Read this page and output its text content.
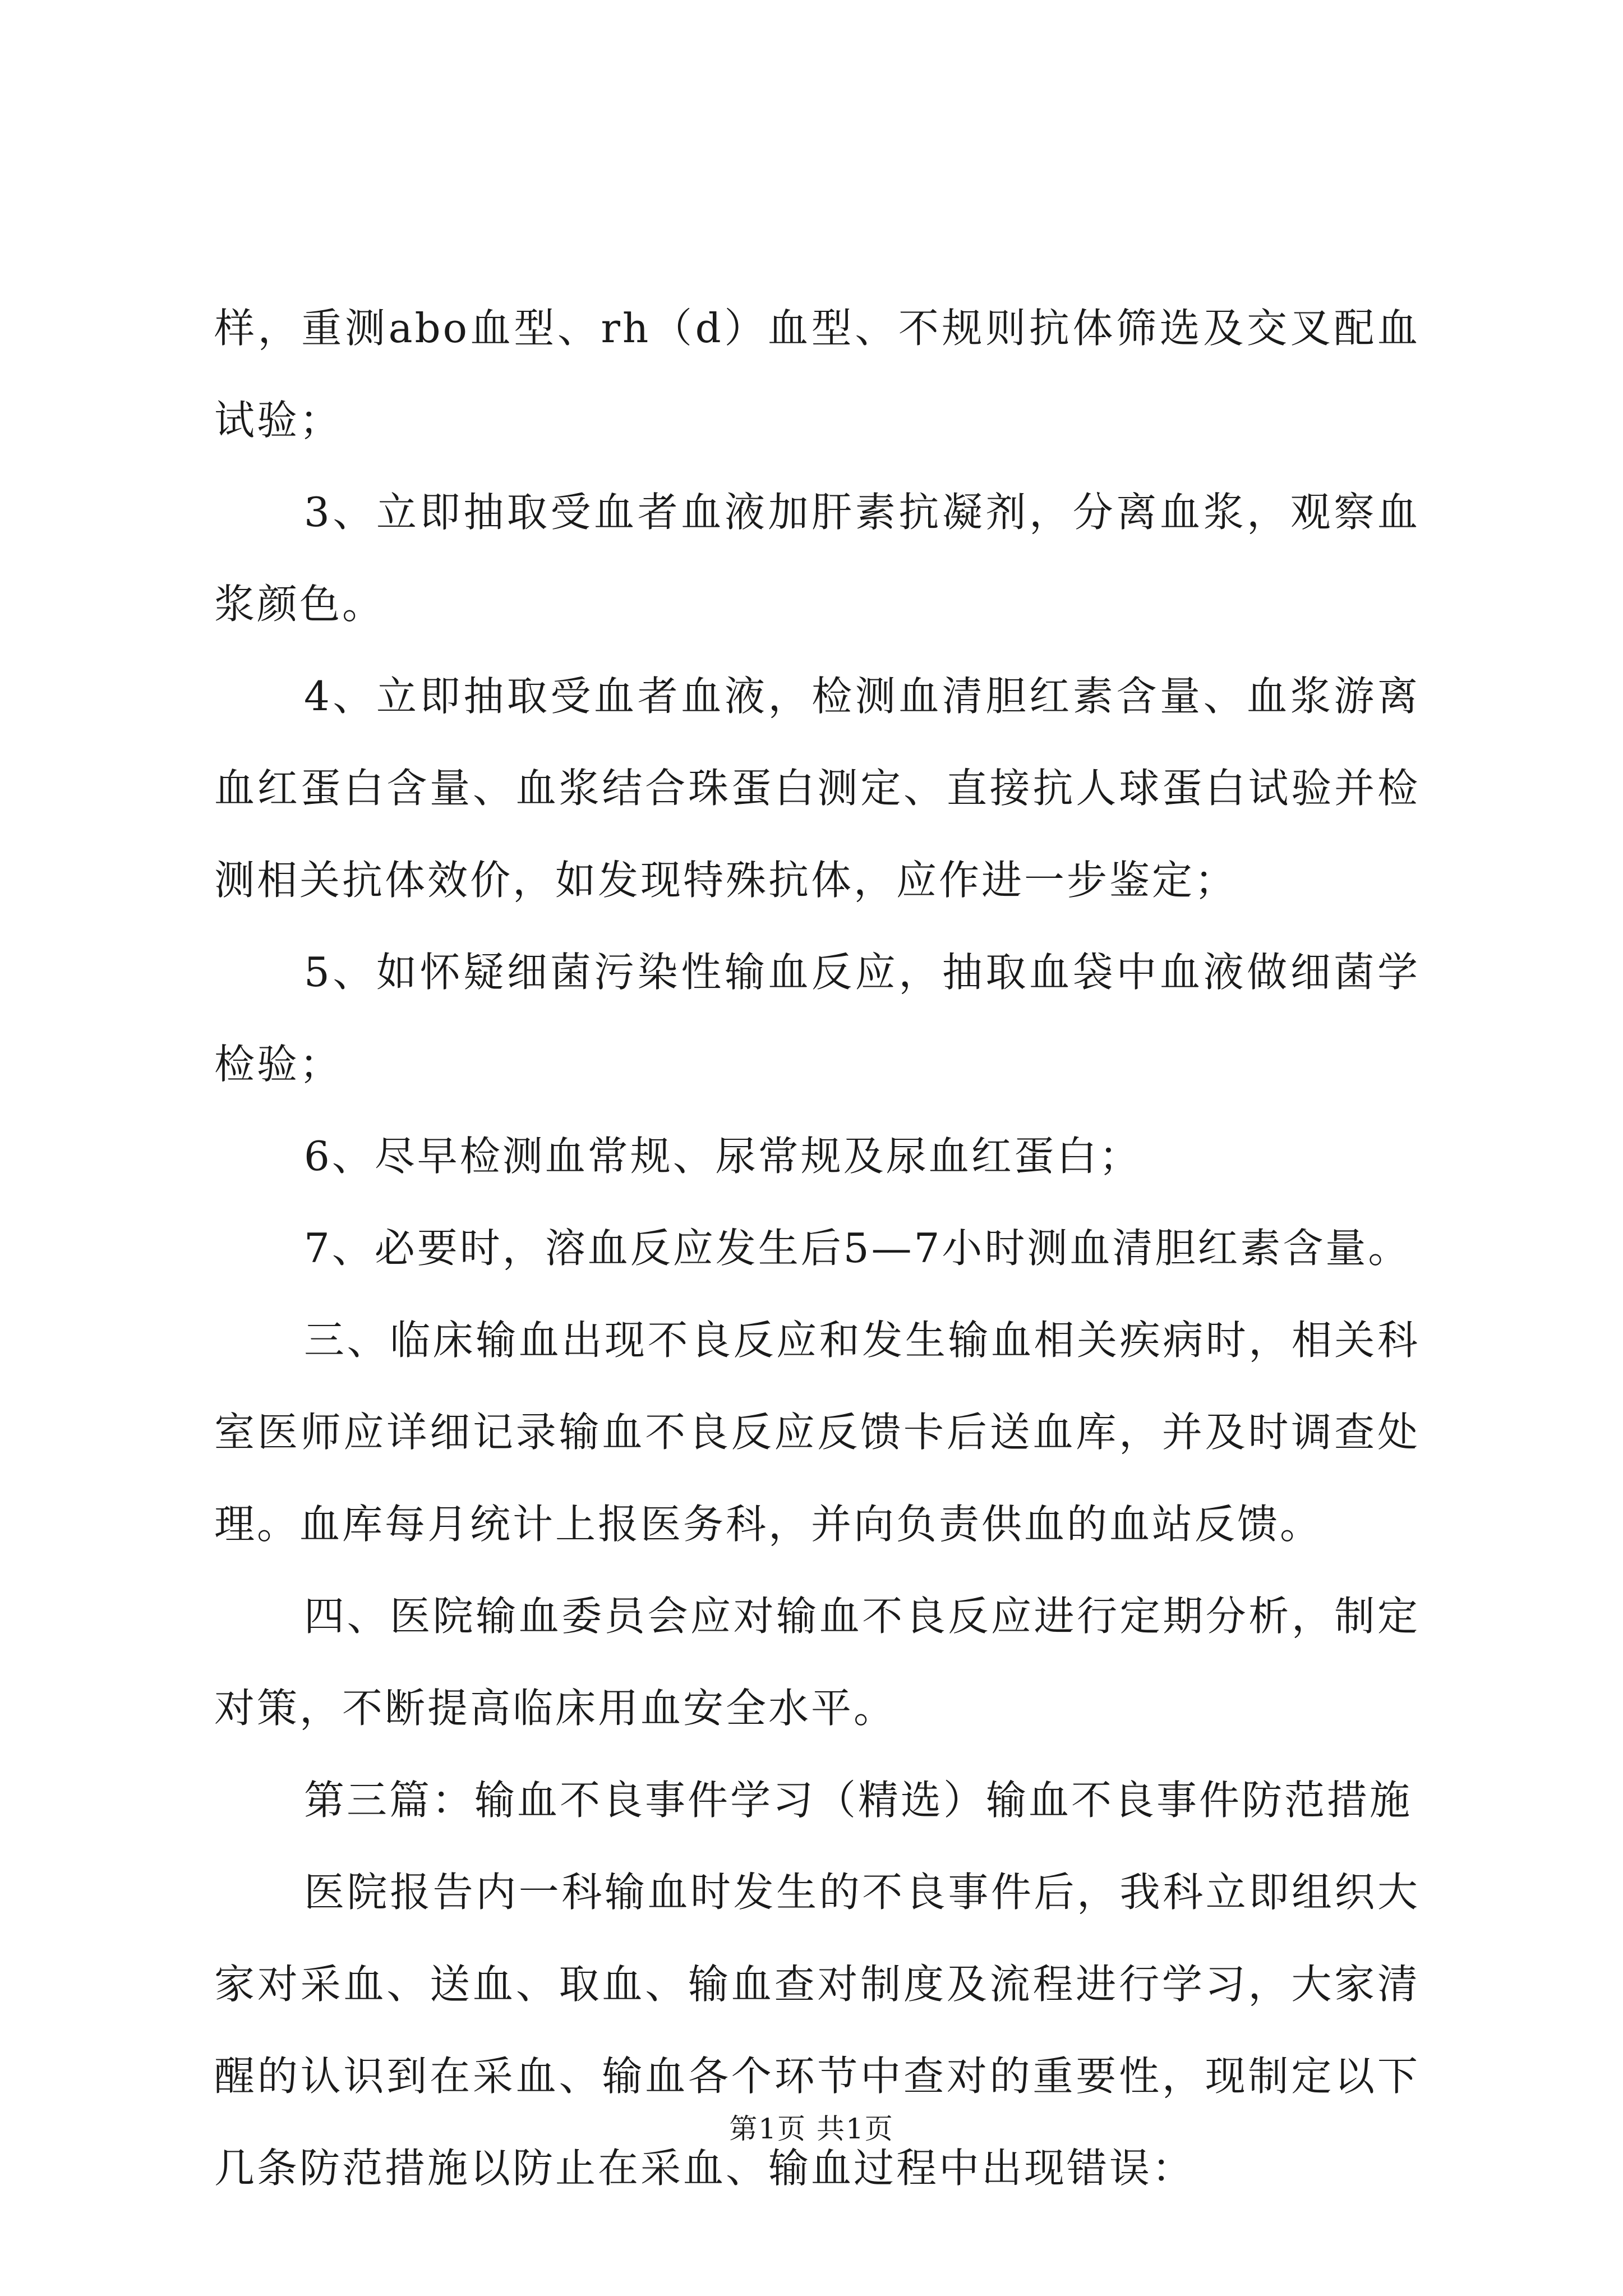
样，重测abo血型、rh（d）血型、不规则抗体筛选及交叉配血试验；

3、立即抽取受血者血液加肝素抗凝剂，分离血浆，观察血浆颜色。

4、立即抽取受血者血液，检测血清胆红素含量、血浆游离血红蛋白含量、血浆结合珠蛋白测定、直接抗人球蛋白试验并检测相关抗体效价，如发现特殊抗体，应作进一步鉴定；

5、如怀疑细菌污染性输血反应，抽取血袋中血液做细菌学检验；

6、尽早检测血常规、尿常规及尿血红蛋白；

7、必要时，溶血反应发生后5—7小时测血清胆红素含量。

三、临床输血出现不良反应和发生输血相关疾病时，相关科室医师应详细记录输血不良反应反馈卡后送血库，并及时调查处理。血库每月统计上报医务科，并向负责供血的血站反馈。

四、医院输血委员会应对输血不良反应进行定期分析，制定对策，不断提高临床用血安全水平。

第三篇：输血不良事件学习（精选）输血不良事件防范措施

医院报告内一科输血时发生的不良事件后，我科立即组织大家对采血、送血、取血、输血查对制度及流程进行学习，大家清醒的认识到在采血、输血各个环节中查对的重要性，现制定以下几条防范措施以防止在采血、输血过程中出现错误：

第1页 共1页
